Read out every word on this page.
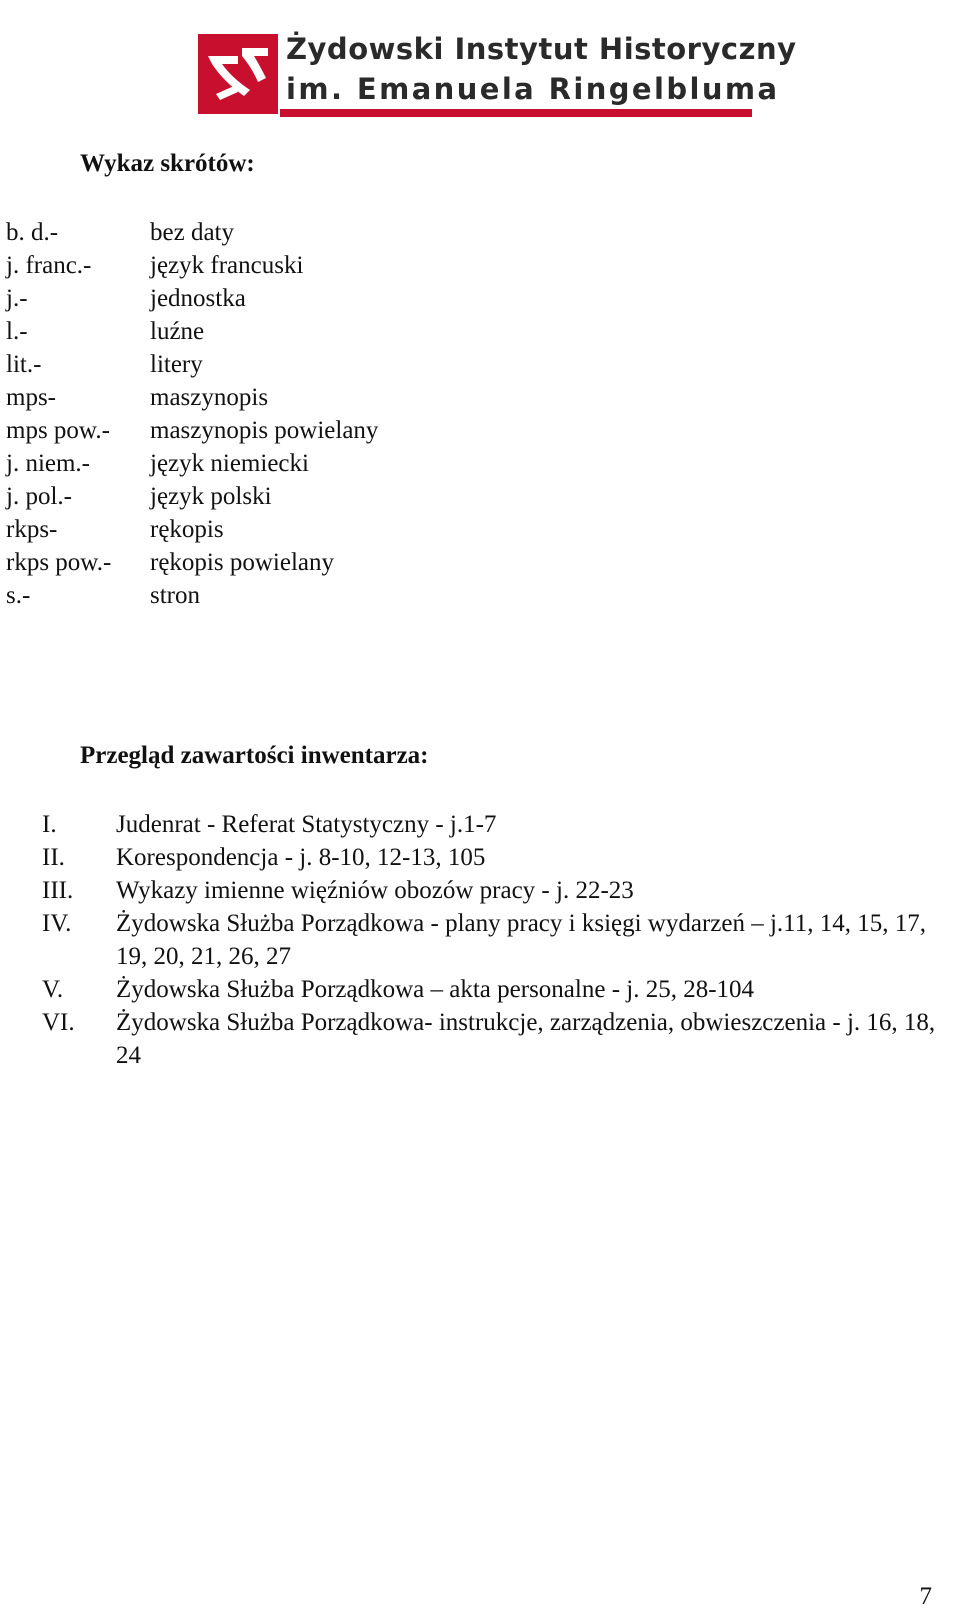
Żydowski Instytut Historyczny
im. Emanuela Ringelbluma
Wykaz skrótów:
b. d.-	bez daty
j. franc.-	język francuski
j.-	jednostka
l.-	luźne
lit.-	litery
mps-	maszynopis
mps pow.-	maszynopis powielany
j. niem.-	język niemiecki
j. pol.-	język polski
rkps-	rękopis
rkps pow.-	rękopis powielany
s.-	stron
Przegląd zawartości inwentarza:
I.	Judenrat - Referat Statystyczny - j.1-7
II.	Korespondencja - j. 8-10, 12-13, 105
III.	Wykazy imienne więźniów obozów pracy - j. 22-23
IV.	Żydowska Służba Porządkowa - plany pracy i księgi wydarzeń – j.11, 14, 15, 17, 19, 20, 21, 26, 27
V.	Żydowska Służba Porządkowa – akta personalne - j. 25, 28-104
VI.	Żydowska Służba Porządkowa- instrukcje, zarządzenia, obwieszczenia - j. 16, 18, 24
7
